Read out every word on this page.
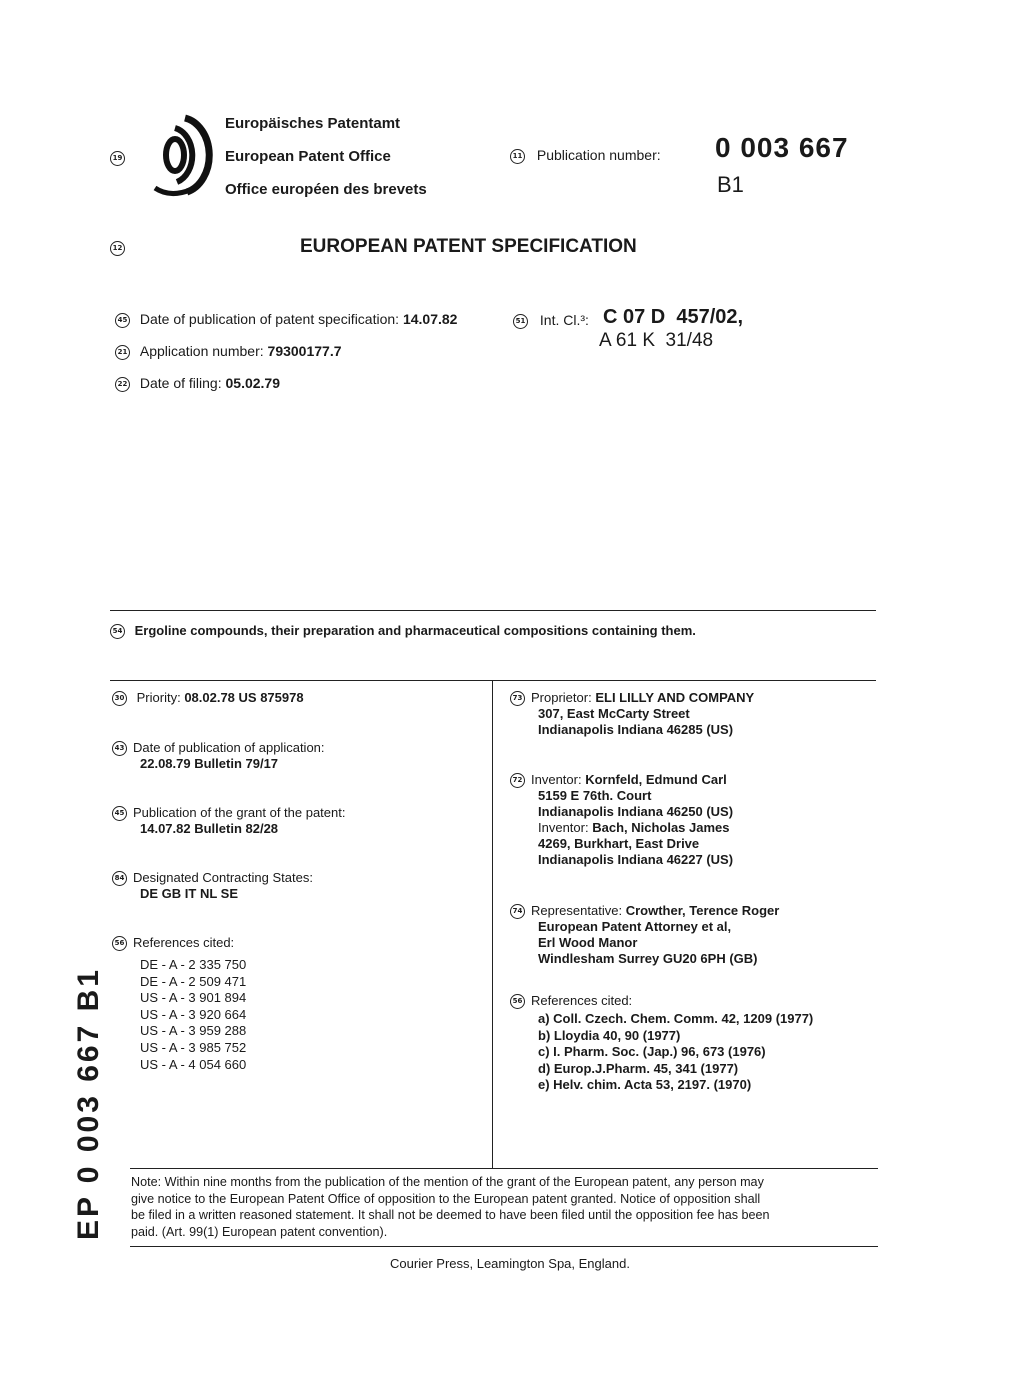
19
Europäisches Patentamt
European Patent Office
Office européen des brevets
11 Publication number: 0 003 667
B1
12	EUROPEAN PATENT SPECIFICATION
45 Date of publication of patent specification: 14.07.82
21 Application number: 79300177.7
22 Date of filing: 05.02.79
51 Int. Cl.³: C 07 D  457/02,
A 61 K  31/48
54 Ergoline compounds, their preparation and pharmaceutical compositions containing them.
30 Priority: 08.02.78 US 875978
43 Date of publication of application:
22.08.79 Bulletin 79/17
45 Publication of the grant of the patent:
14.07.82 Bulletin 82/28
84 Designated Contracting States:
DE GB IT NL SE
56 References cited:
DE - A - 2 335 750
DE - A - 2 509 471
US - A - 3 901 894
US - A - 3 920 664
US - A - 3 959 288
US - A - 3 985 752
US - A - 4 054 660
73 Proprietor: ELI LILLY AND COMPANY
307, East McCarty Street
Indianapolis Indiana 46285 (US)
72 Inventor: Kornfeld, Edmund Carl
5159 E 76th. Court
Indianapolis Indiana 46250 (US)
Inventor: Bach, Nicholas James
4269, Burkhart, East Drive
Indianapolis Indiana 46227 (US)
74 Representative: Crowther, Terence Roger
European Patent Attorney et al,
Erl Wood Manor
Windlesham Surrey GU20 6PH (GB)
56 References cited:
a) Coll. Czech. Chem. Comm. 42, 1209 (1977)
b) Lloydia 40, 90 (1977)
c) I. Pharm. Soc. (Jap.) 96, 673 (1976)
d) Europ.J.Pharm. 45, 341 (1977)
e) Helv. chim. Acta 53, 2197. (1970)
Note: Within nine months from the publication of the mention of the grant of the European patent, any person may
give notice to the European Patent Office of opposition to the European patent granted. Notice of opposition shall
be filed in a written reasoned statement. It shall not be deemed to have been filed until the opposition fee has been
paid. (Art. 99(1) European patent convention).
Courier Press, Leamington Spa, England.
EP 0 003 667 B1
